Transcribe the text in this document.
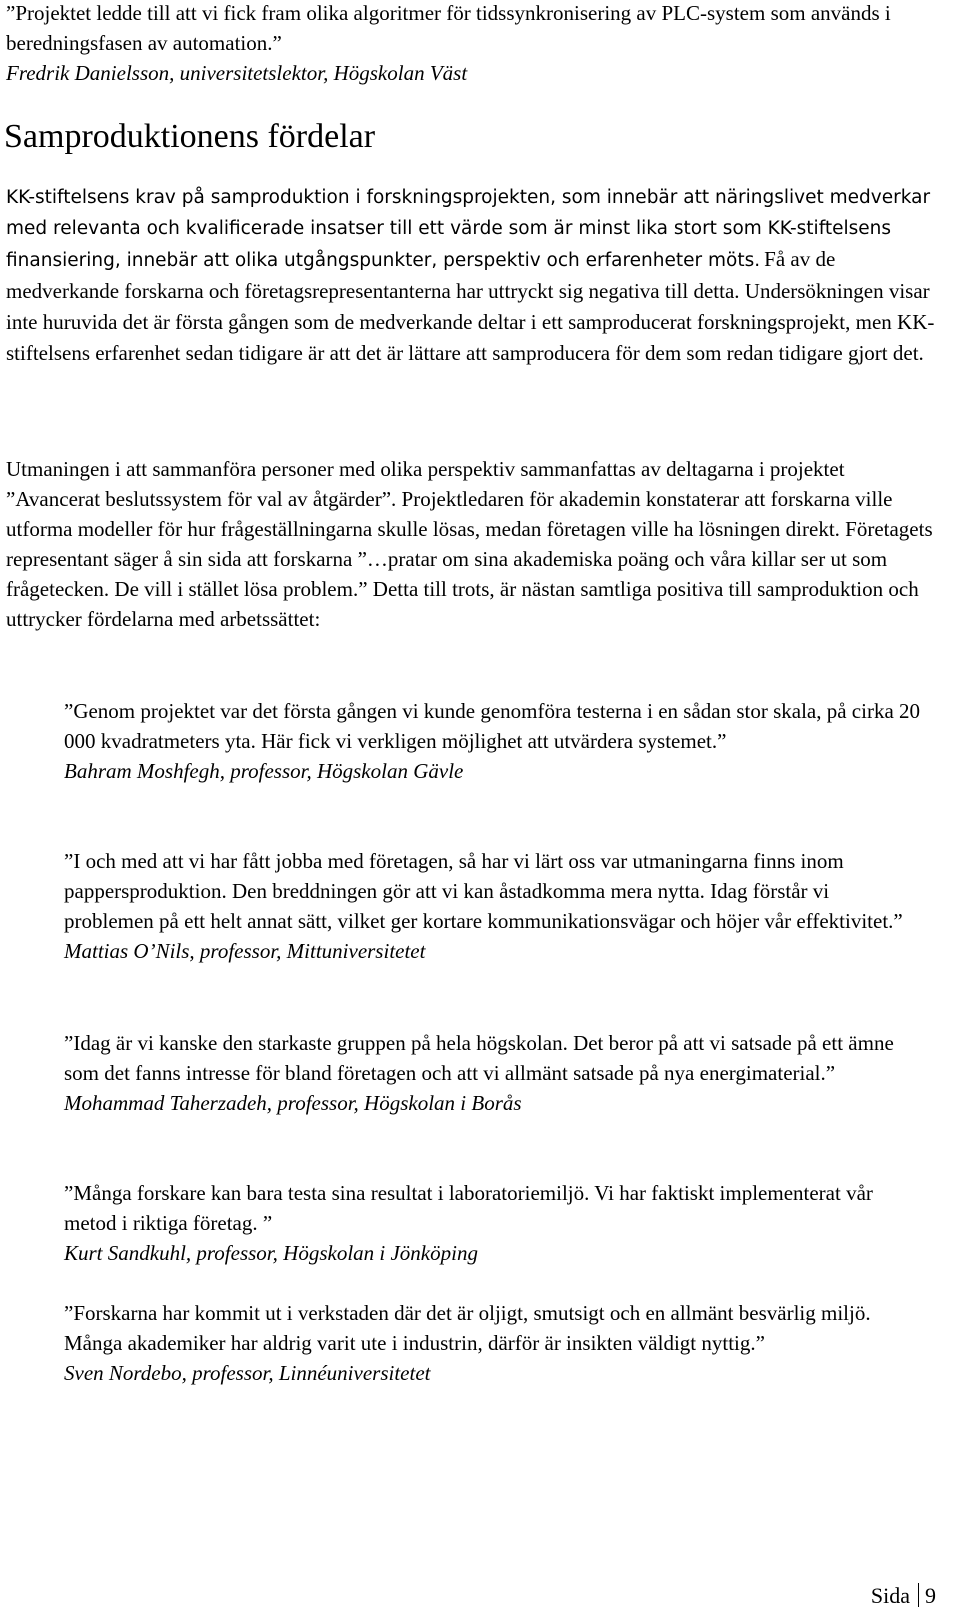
”Projektet ledde till att vi fick fram olika algoritmer för tidssynkronisering av PLC-system som används i beredningsfasen av automation.”

Fredrik Danielsson, universitetslektor, Högskolan Väst

Samproduktionens fördelar
KK-stiftelsens krav på samproduktion i forskningsprojekten, som innebär att näringslivet medverkar med relevanta och kvalificerade insatser till ett värde som är minst lika stort som KK-stiftelsens finansiering, innebär att olika utgångspunkter, perspektiv och erfarenheter möts. Få av de medverkande forskarna och företagsrepresentanterna har uttryckt sig negativa till detta. Undersökningen visar inte huruvida det är första gången som de medverkande deltar i ett samproducerat forskningsprojekt, men KK-stiftelsens erfarenhet sedan tidigare är att det är lättare att samproducera för dem som redan tidigare gjort det.

Utmaningen i att sammanföra personer med olika perspektiv sammanfattas av deltagarna i projektet ”Avancerat beslutssystem för val av åtgärder”. Projektledaren för akademin konstaterar att forskarna ville utforma modeller för hur frågeställningarna skulle lösas, medan företagen ville ha lösningen direkt. Företagets representant säger å sin sida att forskarna ”…pratar om sina akademiska poäng och våra killar ser ut som frågetecken. De vill i stället lösa problem.” Detta till trots, är nästan samtliga positiva till samproduktion och uttrycker fördelarna med arbetssättet:

”Genom projektet var det första gången vi kunde genomföra testerna i en sådan stor skala, på cirka 20 000 kvadratmeters yta. Här fick vi verkligen möjlighet att utvärdera systemet.”

Bahram Moshfegh, professor, Högskolan Gävle

”I och med att vi har fått jobba med företagen, så har vi lärt oss var utmaningarna finns inom pappersproduktion. Den breddningen gör att vi kan åstadkomma mera nytta. Idag förstår vi problemen på ett helt annat sätt, vilket ger kortare kommunikationsvägar och höjer vår effektivitet.”

Mattias O’Nils, professor, Mittuniversitetet

”Idag är vi kanske den starkaste gruppen på hela högskolan. Det beror på att vi satsade på ett ämne som det fanns intresse för bland företagen och att vi allmänt satsade på nya energimaterial.”

Mohammad Taherzadeh, professor, Högskolan i Borås

”Många forskare kan bara testa sina resultat i laboratoriemiljö. Vi har faktiskt implementerat vår metod i riktiga företag. ”

Kurt Sandkuhl, professor, Högskolan i Jönköping

”Forskarna har kommit ut i verkstaden där det är oljigt, smutsigt och en allmänt besvärlig miljö. Många akademiker har aldrig varit ute i industrin, därför är insikten väldigt nyttig.”

Sven Nordebo, professor, Linnéuniversitetet

Sida 9
